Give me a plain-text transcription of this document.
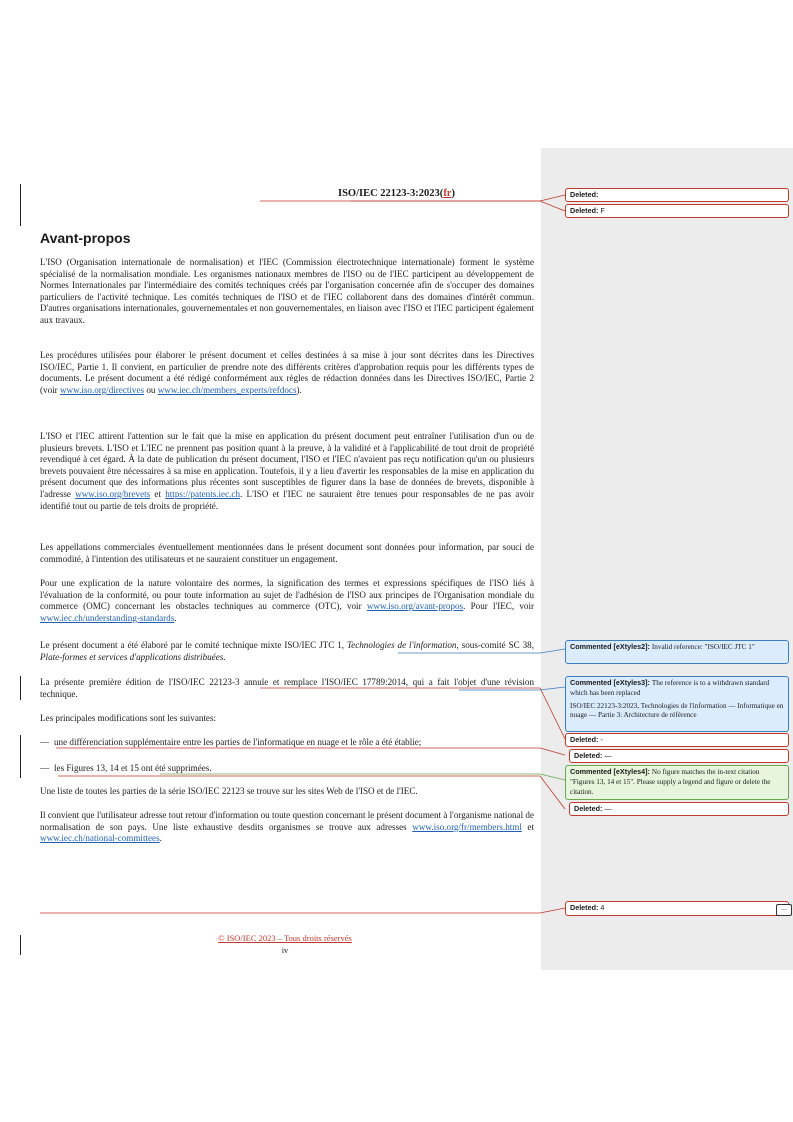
ISO/IEC 22123-3:2023(fr)
Avant-propos
L'ISO (Organisation internationale de normalisation) et l'IEC (Commission électrotechnique internationale) forment le système spécialisé de la normalisation mondiale. Les organismes nationaux membres de l'ISO ou de l'IEC participent au développement de Normes Internationales par l'intermédiaire des comités techniques créés par l'organisation concernée afin de s'occuper des domaines particuliers de l'activité technique. Les comités techniques de l'ISO et de l'IEC collaborent dans des domaines d'intérêt commun. D'autres organisations internationales, gouvernementales et non gouvernementales, en liaison avec l'ISO et l'IEC participent également aux travaux.
Les procédures utilisées pour élaborer le présent document et celles destinées à sa mise à jour sont décrites dans les Directives ISO/IEC, Partie 1. Il convient, en particulier de prendre note des différents critères d'approbation requis pour les différents types de documents. Le présent document a été rédigé conformément aux règles de rédaction données dans les Directives ISO/IEC, Partie 2 (voir www.iso.org/directives ou www.iec.ch/members_experts/refdocs).
L'ISO et l'IEC attirent l'attention sur le fait que la mise en application du présent document peut entraîner l'utilisation d'un ou de plusieurs brevets. L'ISO et L'IEC ne prennent pas position quant à la preuve, à la validité et à l'applicabilité de tout droit de propriété revendiqué à cet égard. À la date de publication du présent document, l'ISO et l'IEC n'avaient pas reçu notification qu'un ou plusieurs brevets pouvaient être nécessaires à sa mise en application. Toutefois, il y a lieu d'avertir les responsables de la mise en application du présent document que des informations plus récentes sont susceptibles de figurer dans la base de données de brevets, disponible à l'adresse www.iso.org/brevets et https://patents.iec.ch. L'ISO et l'IEC ne sauraient être tenues pour responsables de ne pas avoir identifié tout ou partie de tels droits de propriété.
Les appellations commerciales éventuellement mentionnées dans le présent document sont données pour information, par souci de commodité, à l'intention des utilisateurs et ne sauraient constituer un engagement.
Pour une explication de la nature volontaire des normes, la signification des termes et expressions spécifiques de l'ISO liés à l'évaluation de la conformité, ou pour toute information au sujet de l'adhésion de l'ISO aux principes de l'Organisation mondiale du commerce (OMC) concernant les obstacles techniques au commerce (OTC), voir www.iso.org/avant-propos. Pour l'IEC, voir www.iec.ch/understanding-standards.
Le présent document a été élaboré par le comité technique mixte ISO/IEC JTC 1, Technologies de l'information, sous-comité SC 38, Plate-formes et services d'applications distribuées.
La présente première édition de l'ISO/IEC 22123-3 annule et remplace l'ISO/IEC 17789:2014, qui a fait l'objet d'une révision technique.
Les principales modifications sont les suivantes:
— une différenciation supplémentaire entre les parties de l'informatique en nuage et le rôle a été établie;
— les Figures 13, 14 et 15 ont été supprimées.
Une liste de toutes les parties de la série ISO/IEC 22123 se trouve sur les sites Web de l'ISO et de l'IEC.
Il convient que l'utilisateur adresse tout retour d'information ou toute question concernant le présent document à l'organisme national de normalisation de son pays. Une liste exhaustive desdits organismes se trouve aux adresses www.iso.org/fr/members.html et www.iec.ch/national-committees.
© ISO/IEC 2023 – Tous droits réservés
iv
Deleted:
Deleted: F
Commented [eXtyles2]: Invalid reference: "ISO/IEC JTC 1"
Commented [eXtyles3]: The reference is to a withdrawn standard which has been replaced
ISO/IEC 22123-3:2023, Technologies de l'information — Informatique en nuage — Partie 3: Architecture de référence
Deleted: -
Deleted: —
Commented [eXtyles4]: No figure matches the in-text citation "Figures 13, 14 et 15". Please supply a legend and figure or delete the citation.
Deleted: —
Deleted: 4	...
